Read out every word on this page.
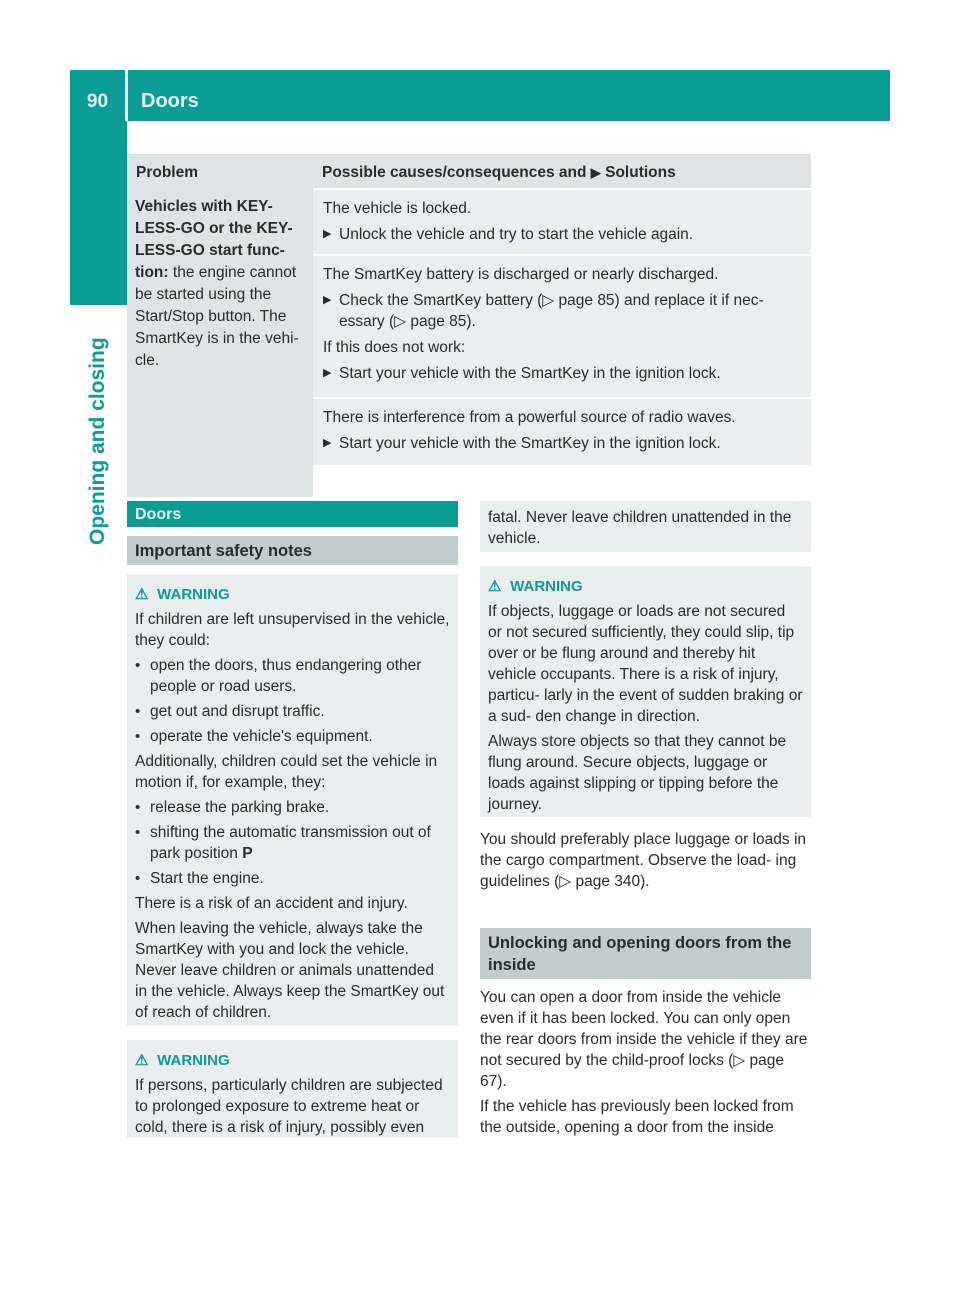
90	Doors
Opening and closing
Problem	Possible causes/consequences and ▶ Solutions
Vehicles with KEY- LESS-GO or the KEY- LESS-GO start func- tion: the engine cannot be started using the Start/Stop button. The SmartKey is in the vehi- cle.

The vehicle is locked.

▶ Unlock the vehicle and try to start the vehicle again.

The SmartKey battery is discharged or nearly discharged.

▶ Check the SmartKey battery (▷ page 85) and replace it if nec- essary (▷ page 85).

If this does not work:

▶ Start your vehicle with the SmartKey in the ignition lock.

There is interference from a powerful source of radio waves.

▶ Start your vehicle with the SmartKey in the ignition lock.

Doors
Important safety notes
⚠ WARNING

If children are left unsupervised in the vehicle, they could:

• open the doors, thus endangering other people or road users.

• get out and disrupt traffic.

• operate the vehicle's equipment.

Additionally, children could set the vehicle in motion if, for example, they:

• release the parking brake.

• shifting the automatic transmission out of park position P

• Start the engine.

There is a risk of an accident and injury.

When leaving the vehicle, always take the SmartKey with you and lock the vehicle. Never leave children or animals unattended in the vehicle. Always keep the SmartKey out of reach of children.

⚠ WARNING

If persons, particularly children are subjected to prolonged exposure to extreme heat or cold, there is a risk of injury, possibly even

fatal. Never leave children unattended in the vehicle.

⚠ WARNING

If objects, luggage or loads are not secured or not secured sufficiently, they could slip, tip over or be flung around and thereby hit vehicle occupants. There is a risk of injury, particu- larly in the event of sudden braking or a sud- den change in direction.

Always store objects so that they cannot be flung around. Secure objects, luggage or loads against slipping or tipping before the journey.

You should preferably place luggage or loads in the cargo compartment. Observe the load- ing guidelines (▷ page 340).

Unlocking and opening doors from the inside

You can open a door from inside the vehicle even if it has been locked. You can only open the rear doors from inside the vehicle if they are not secured by the child-proof locks (▷ page 67).

If the vehicle has previously been locked from the outside, opening a door from the inside
